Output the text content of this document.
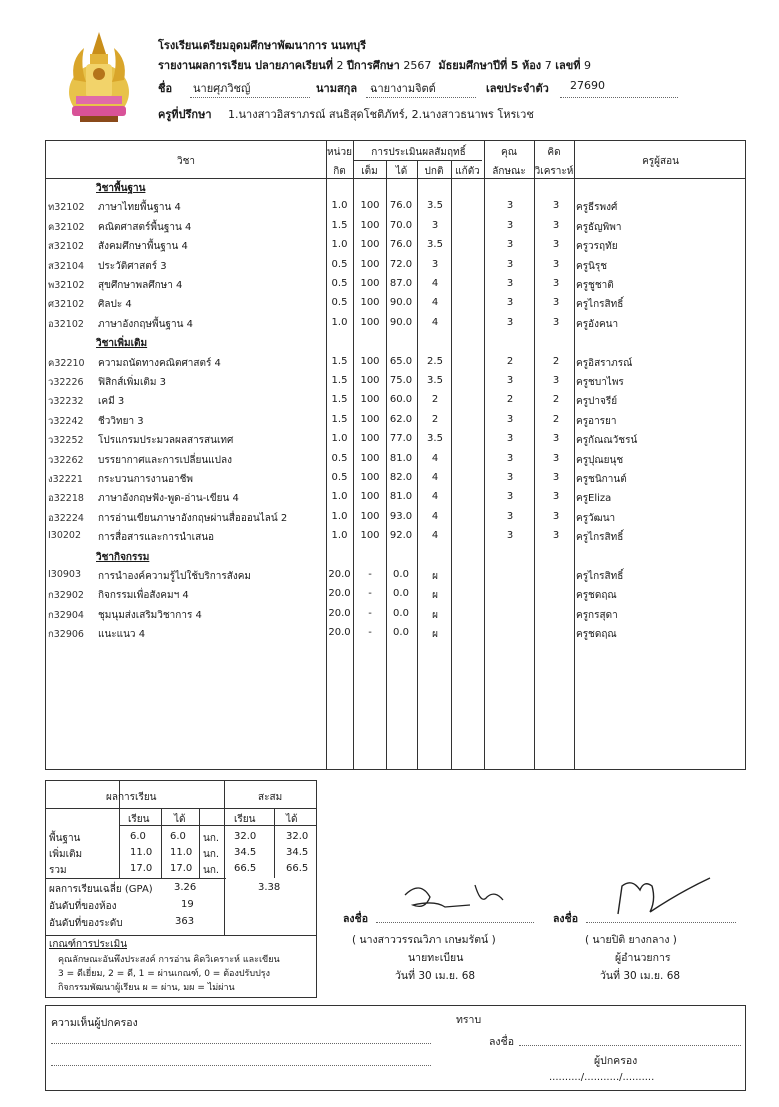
โรงเรียนเตรียมอุดมศึกษาพัฒนาการ นนทบุรี
รายงานผลการเรียน ปลายภาคเรียนที่ 2 ปีการศึกษา 2567 มัธยมศึกษาปีที่ 5 ห้อง 7 เลขที่ 9
ชื่อ นายศุภวิชญ์	นามสกุล ฉายางามจิตต์	เลขประจำตัว 27690
ครูที่ปรึกษา 1.นางสาวอิสราภรณ์ สนธิสุดโชติภัทร์, 2.นางสาวธนาพร โหรเวช
วิชา
หน่วย
กิต
การประเมินผลสัมฤทธิ์
เต็ม	ได้	ปกติ	แก้ตัว
คุณ
ลักษณะ
คิด
วิเคราะห์
ครูผู้สอน
วิชาพื้นฐาน
ท32102	ภาษาไทยพื้นฐาน 4	1.0	100	76.0	3.5	3	3	ครูธีรพงศ์
ค32102	คณิตศาสตร์พื้นฐาน 4	1.5	100	70.0	3	3	3	ครูธัญพิพา
ส32102	สังคมศึกษาพื้นฐาน 4	1.0	100	76.0	3.5	3	3	ครูวรฤทัย
ส32104	ประวัติศาสตร์ 3	0.5	100	72.0	3	3	3	ครูนิรุช
พ32102	สุขศึกษาพลศึกษา 4	0.5	100	87.0	4	3	3	ครูชูชาติ
ศ32102	ศิลปะ 4	0.5	100	90.0	4	3	3	ครูไกรสิทธิ์
อ32102	ภาษาอังกฤษพื้นฐาน 4	1.0	100	90.0	4	3	3	ครูอังคนา
วิชาเพิ่มเติม
ค32210	ความถนัดทางคณิตศาสตร์ 4	1.5	100	65.0	2.5	2	2	ครูอิสราภรณ์
ว32226	ฟิสิกส์เพิ่มเติม 3	1.5	100	75.0	3.5	3	3	ครูชบาไพร
ว32232	เคมี 3	1.5	100	60.0	2	2	2	ครูปาจรีย์
ว32242	ชีววิทยา 3	1.5	100	62.0	2	3	2	ครูอารยา
ว32252	โปรแกรมประมวลผลสารสนเทศ	1.0	100	77.0	3.5	3	3	ครูกัณณวัชรน์
ว32262	บรรยากาศและการเปลี่ยนแปลง	0.5	100	81.0	4	3	3	ครูปุณยนุช
ง32221	กระบวนการงานอาชีพ	0.5	100	82.0	4	3	3	ครูชนิกานต์
อ32218	ภาษาอังกฤษฟัง-พูด-อ่าน-เขียน 4	1.0	100	81.0	4	3	3	ครูEliza
อ32224	การอ่านเขียนภาษาอังกฤษผ่านสื่อออนไลน์ 2	1.0	100	93.0	4	3	3	ครูวัฒนา
I30202	การสื่อสารและการนำเสนอ	1.0	100	92.0	4	3	3	ครูไกรสิทธิ์
วิชากิจกรรม
I30903	การนำองค์ความรู้ไปใช้บริการสังคม	20.0	-	0.0	ผ	ครูไกรสิทธิ์
ก32902	กิจกรรมเพื่อสังคมฯ 4	20.0	-	0.0	ผ	ครูชดฤณ
ก32904	ชุมนุมส่งเสริมวิชาการ 4	20.0	-	0.0	ผ	ครูกรสุดา
ก32906	แนะแนว 4	20.0	-	0.0	ผ	ครูชดฤณ
ผลการเรียน	สะสม
เรียน ได้	เรียน	ได้
พื้นฐาน	6.0 6.0 นก. 32.0	32.0
เพิ่มเติม	11.0 11.0 นก. 34.5	34.5
รวม	17.0 17.0 นก. 66.5	66.5
ผลการเรียนเฉลี่ย (GPA) 3.26	3.38
อันดับที่ของห้อง	19
อันดับที่ของระดับ	363
เกณฑ์การประเมิน
คุณลักษณะอันพึงประสงค์ การอ่าน คิดวิเคราะห์ และเขียน
3 = ดีเยี่ยม, 2 = ดี, 1 = ผ่านเกณฑ์, 0 = ต้องปรับปรุง
กิจกรรมพัฒนาผู้เรียน ผ = ผ่าน, มผ = ไม่ผ่าน
ลงชื่อ
( นางสาววรรณวิภา เกษมรัตน์ )
นายทะเบียน
วันที่ 30 เม.ย. 68
ลงชื่อ
( นายปิติ ยางกลาง )
ผู้อำนวยการ
วันที่ 30 เม.ย. 68
ความเห็นผู้ปกครอง	ทราบ
ลงชื่อ
ผู้ปกครอง
........../.........../..........
